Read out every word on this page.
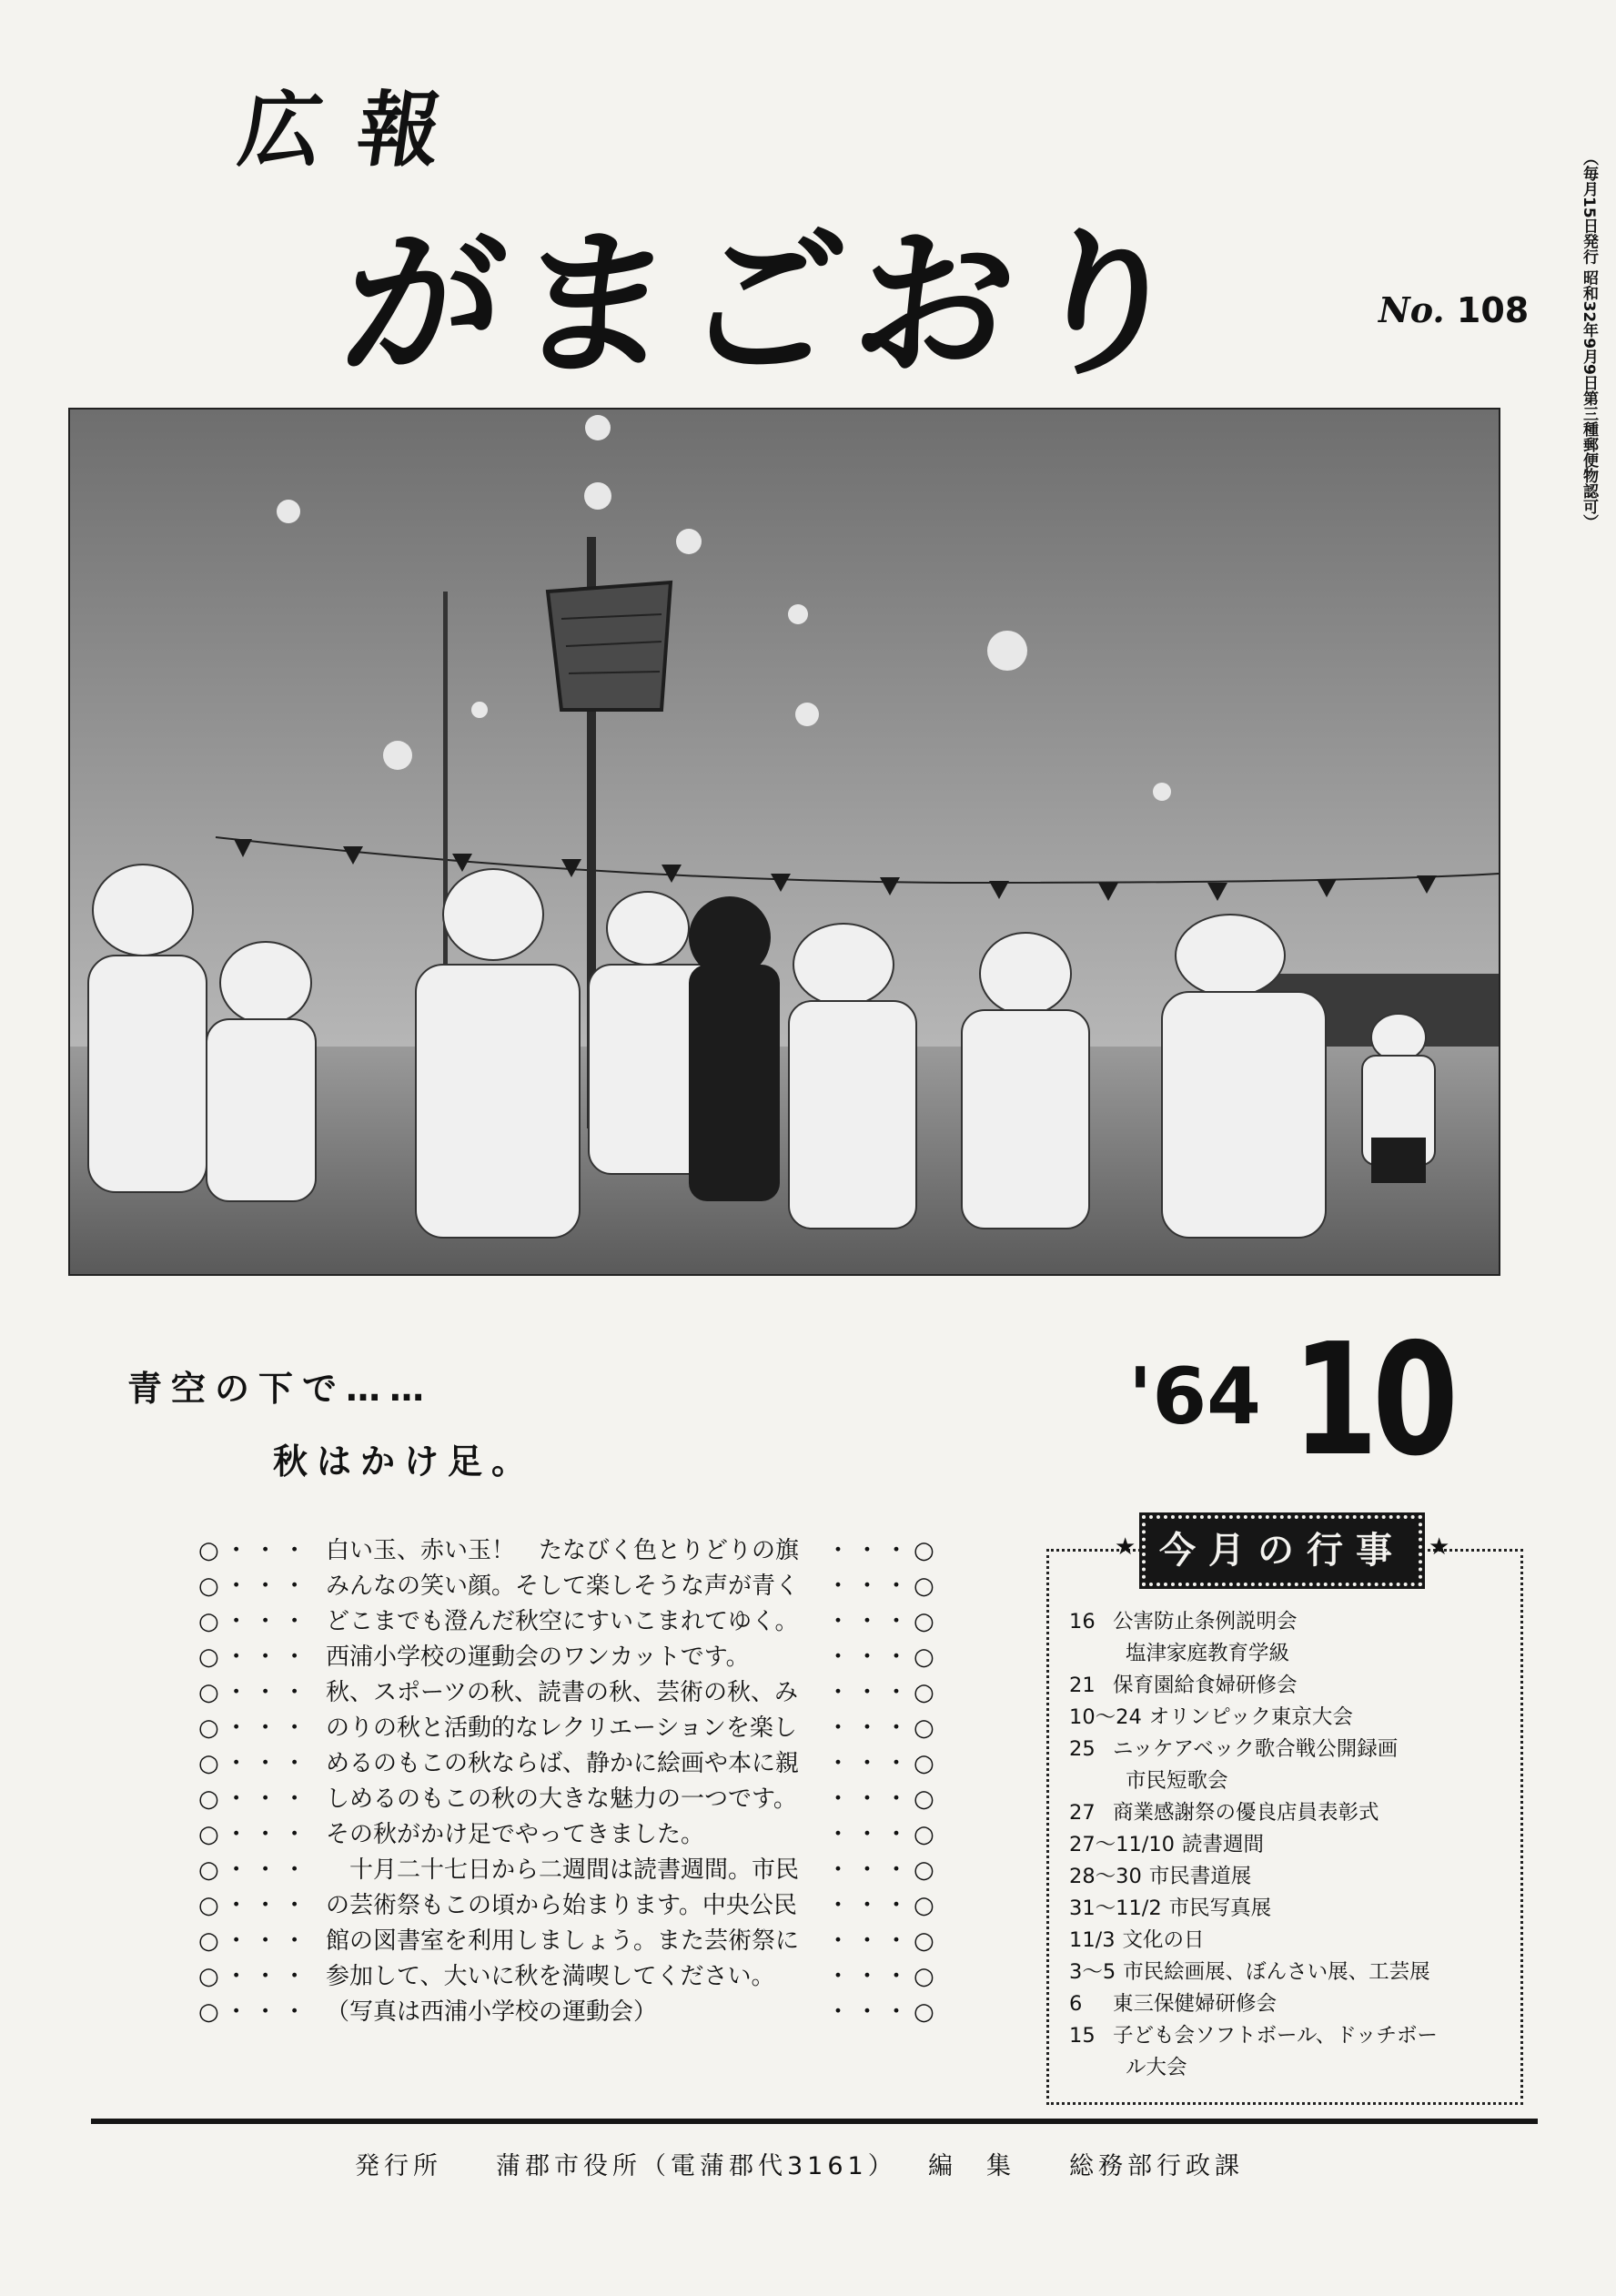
広報
がまごおり	No. 108	（毎月15日発行 昭和32年9月9日第三種郵便物認可）
青空の下で……
秋はかけ足。
'64 10
○・・・ 白い玉、赤い玉！　たなびく色とりどりの旗 ・・・○
○・・・ みんなの笑い顔。そして楽しそうな声が青く ・・・○
○・・・ どこまでも澄んだ秋空にすいこまれてゆく。 ・・・○
○・・・ 西浦小学校の運動会のワンカットです。	・・・○
○・・・ 秋、スポーツの秋、読書の秋、芸術の秋、み ・・・○
○・・・ のりの秋と活動的なレクリエーションを楽し ・・・○
○・・・ めるのもこの秋ならば、静かに絵画や本に親 ・・・○
○・・・ しめるのもこの秋の大きな魅力の一つです。 ・・・○
○・・・ その秋がかけ足でやってきました。	・・・○
○・・・ 　十月二十七日から二週間は読書週間。市民 ・・・○
○・・・ の芸術祭もこの頃から始まります。中央公民 ・・・○
○・・・ 館の図書室を利用しましょう。また芸術祭に ・・・○
○・・・ 参加して、大いに秋を満喫してください。 ・・・○
○・・・ （写真は西浦小学校の運動会）	・・・○
★ 今月の行事	★
16 公害防止条例説明会
塩津家庭教育学級
21 保育園給食婦研修会
10〜24 オリンピック東京大会
25 ニッケアベック歌合戦公開録画
市民短歌会
27 商業感謝祭の優良店員表彰式
27〜11/10 読書週間
28〜30 市民書道展
31〜11/2 市民写真展
11/3 文化の日
3〜5 市民絵画展、ぼんさい展、工芸展
6 東三保健婦研修会
15 子ども会ソフトボール、ドッチボー
ル大会
発行所 蒲郡市役所（電蒲郡代3161） 編　集 総務部行政課
